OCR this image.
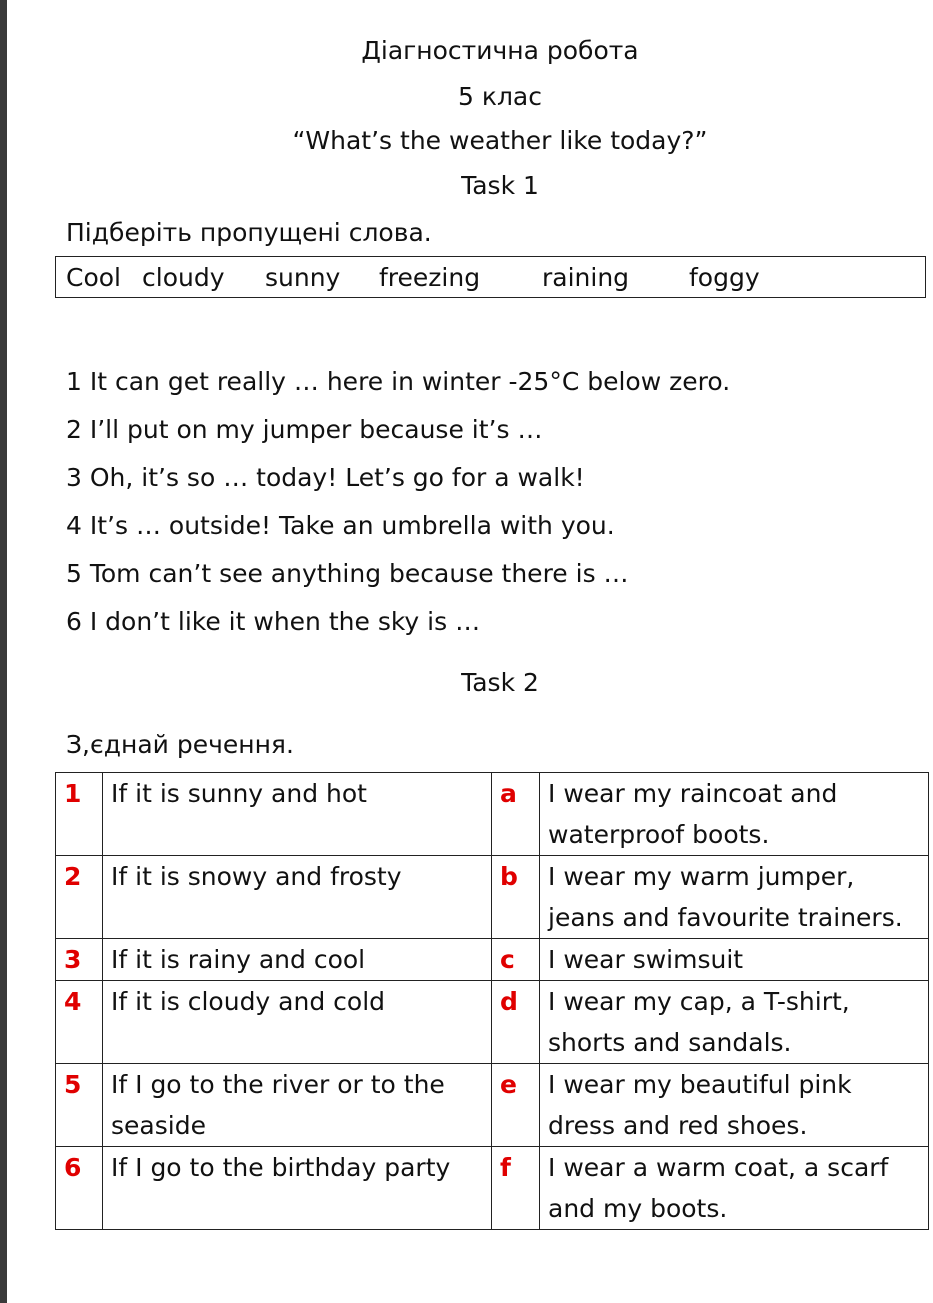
Діагностична робота
5 клас
“What’s the weather like today?”
Task 1
Підберіть пропущені слова.
Cool cloudy sunny freezing raining foggy
1 It can get really … here in winter -25°C below zero.
2 I’ll put on my jumper because it’s …
3 Oh, it’s so … today! Let’s go for a walk!
4 It’s … outside! Take an umbrella with you.
5 Tom can’t see anything because there is …
6 I don’t like it when the sky is …
Task 2
З,єднай речення.
1	If it is sunny and hot	a	I wear my raincoat and waterproof boots.
2	If it is snowy and frosty	b	I wear my warm jumper, jeans and favourite trainers.
3	If it is rainy and cool	c	I wear swimsuit
4	If it is cloudy and cold	d	I wear my cap, a T-shirt, shorts and sandals.
5	If I go to the river or to the seaside	e	I wear my beautiful pink dress and red shoes.
6	If I go to the birthday party	f	I wear a warm coat, a scarf and my boots.
